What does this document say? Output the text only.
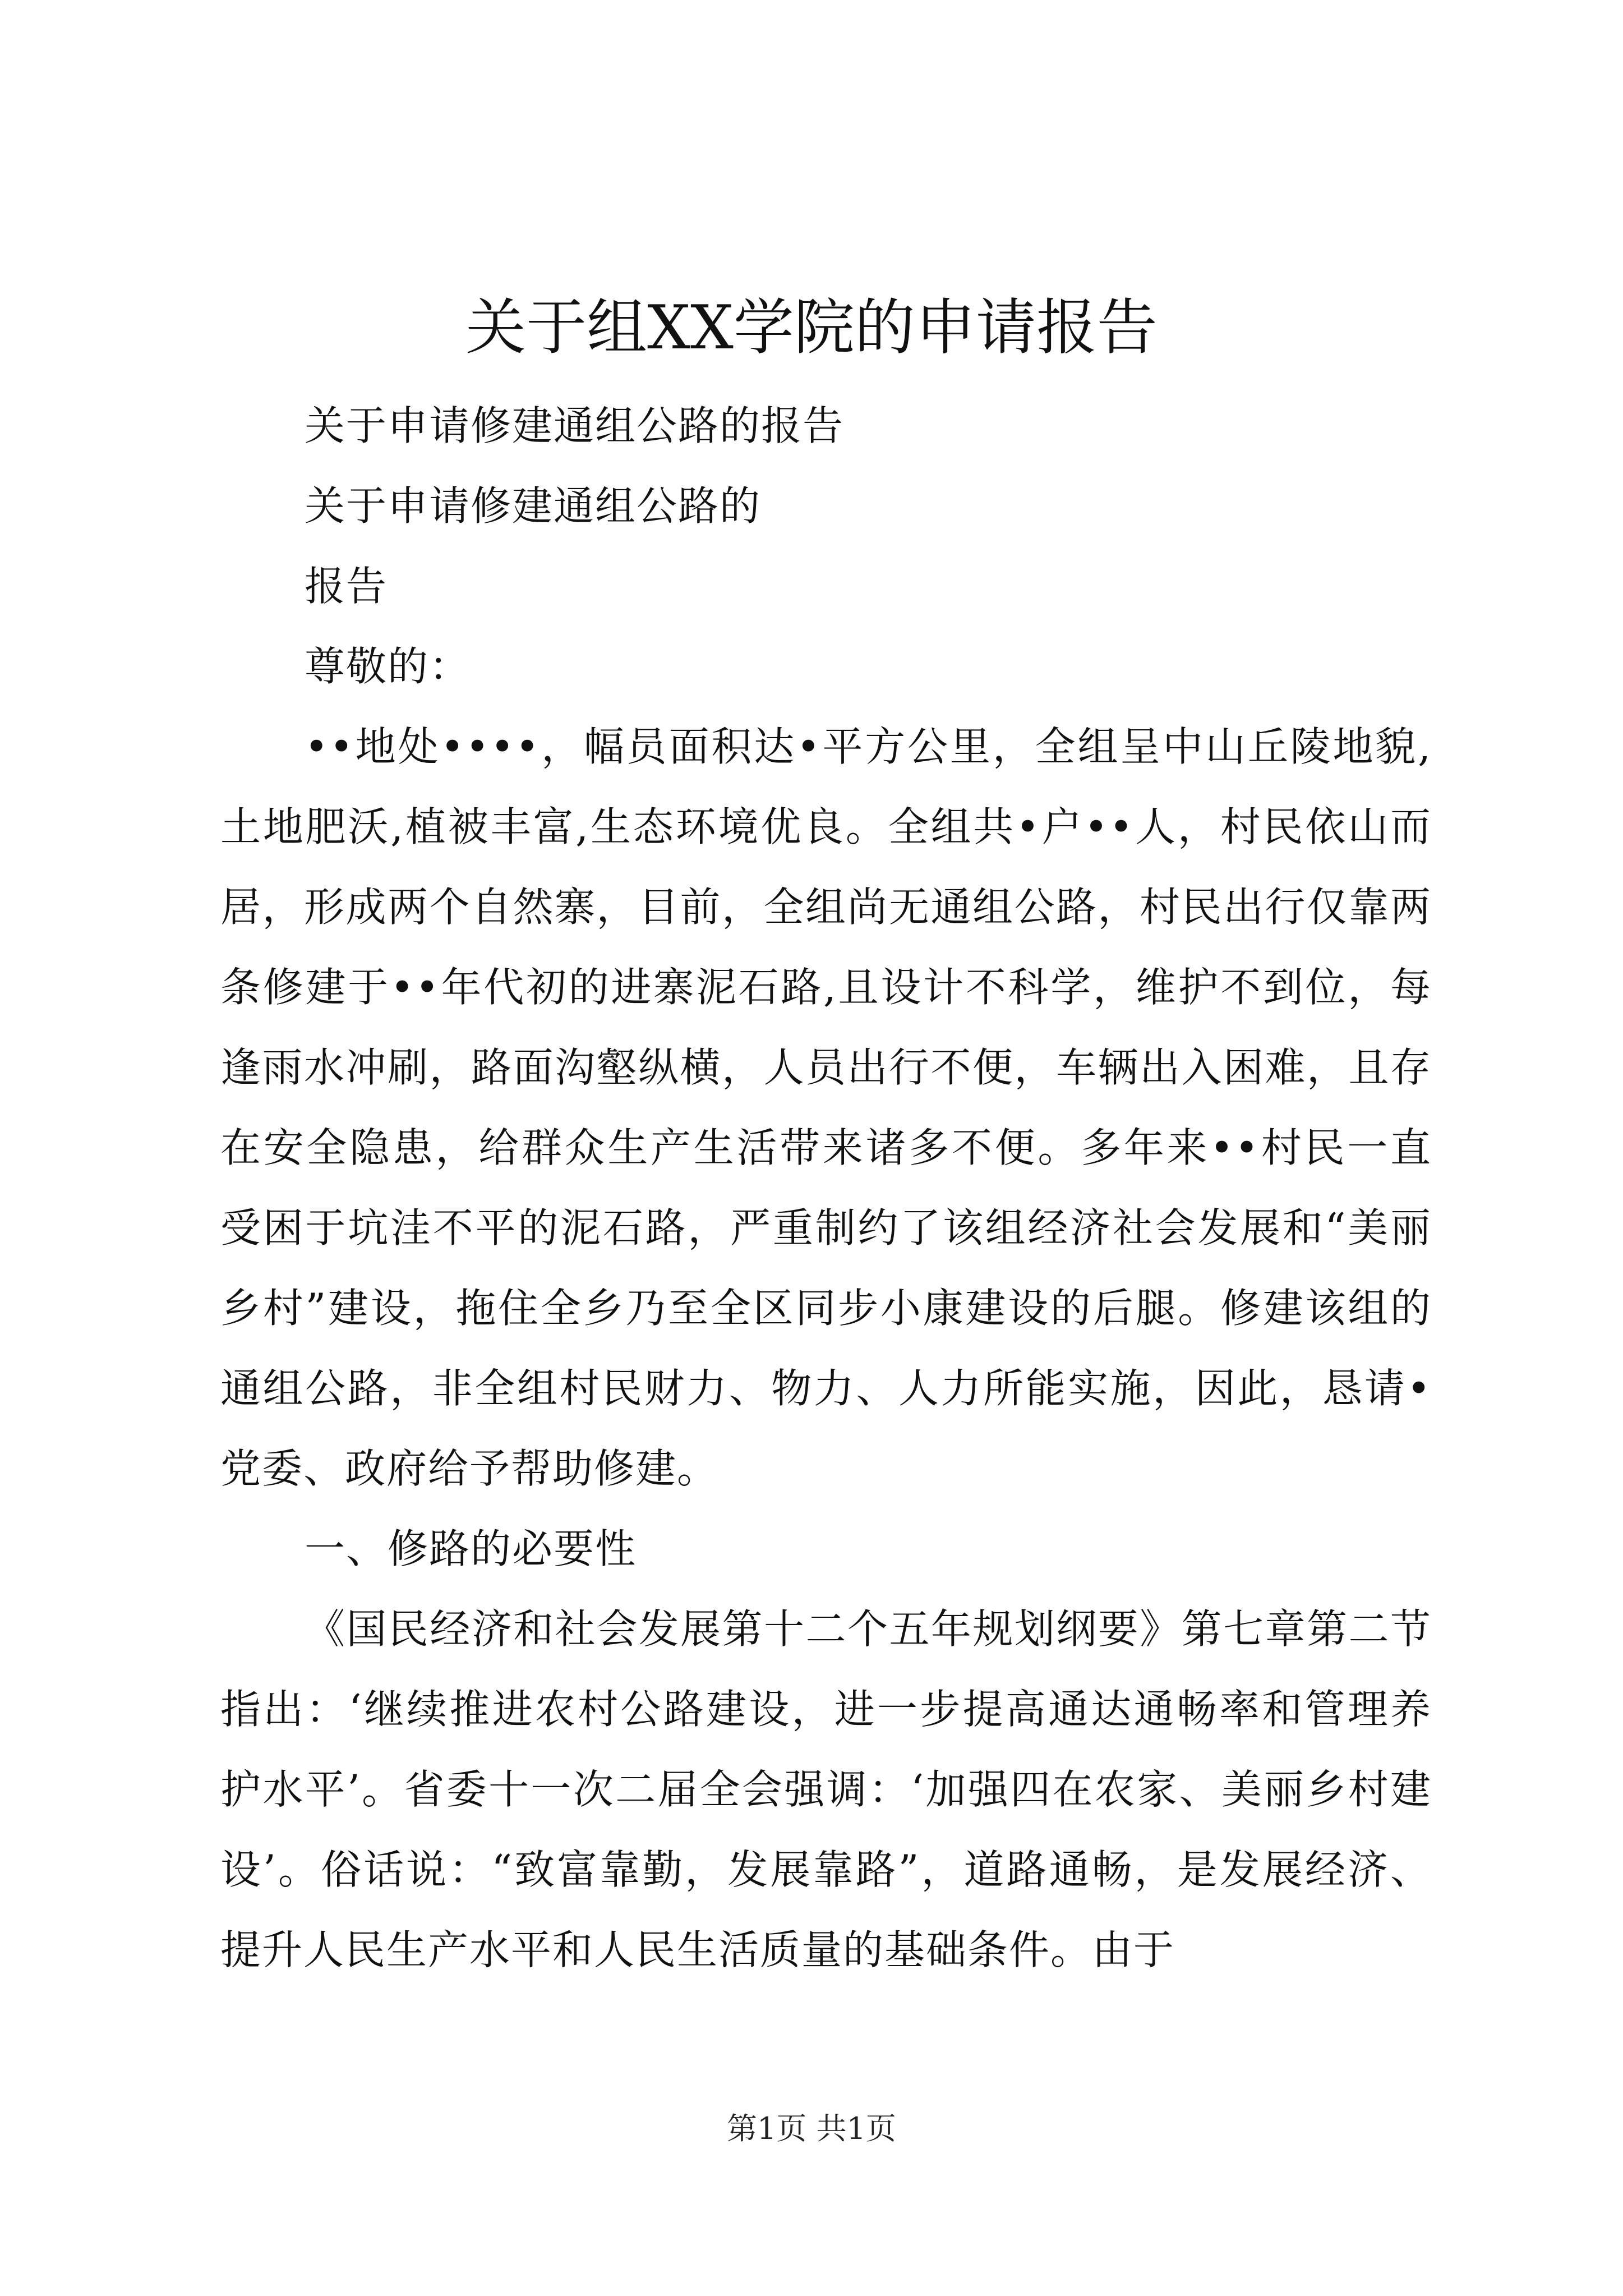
关于组XX学院的申请报告

关于申请修建通组公路的报告

关于申请修建通组公路的

报告

尊敬的：

••地处••••，幅员面积达•平方公里，全组呈中山丘陵地貌,土地肥沃,植被丰富,生态环境优良。全组共•户••人，村民依山而居，形成两个自然寨，目前，全组尚无通组公路，村民出行仅靠两条修建于••年代初的进寨泥石路,且设计不科学，维护不到位，每逢雨水冲刷，路面沟壑纵横，人员出行不便，车辆出入困难，且存在安全隐患，给群众生产生活带来诸多不便。多年来••村民一直受困于坑洼不平的泥石路，严重制约了该组经济社会发展和“美丽乡村”建设，拖住全乡乃至全区同步小康建设的后腿。修建该组的通组公路，非全组村民财力、物力、人力所能实施，因此，恳请•党委、政府给予帮助修建。

一、修路的必要性

《国民经济和社会发展第十二个五年规划纲要》第七章第二节指出：‘继续推进农村公路建设，进一步提高通达通畅率和管理养护水平’。省委十一次二届全会强调：‘加强四在农家、美丽乡村建设’。俗话说：“致富靠勤，发展靠路”，道路通畅，是发展经济、提升人民生产水平和人民生活质量的基础条件。由于

第1页 共1页
